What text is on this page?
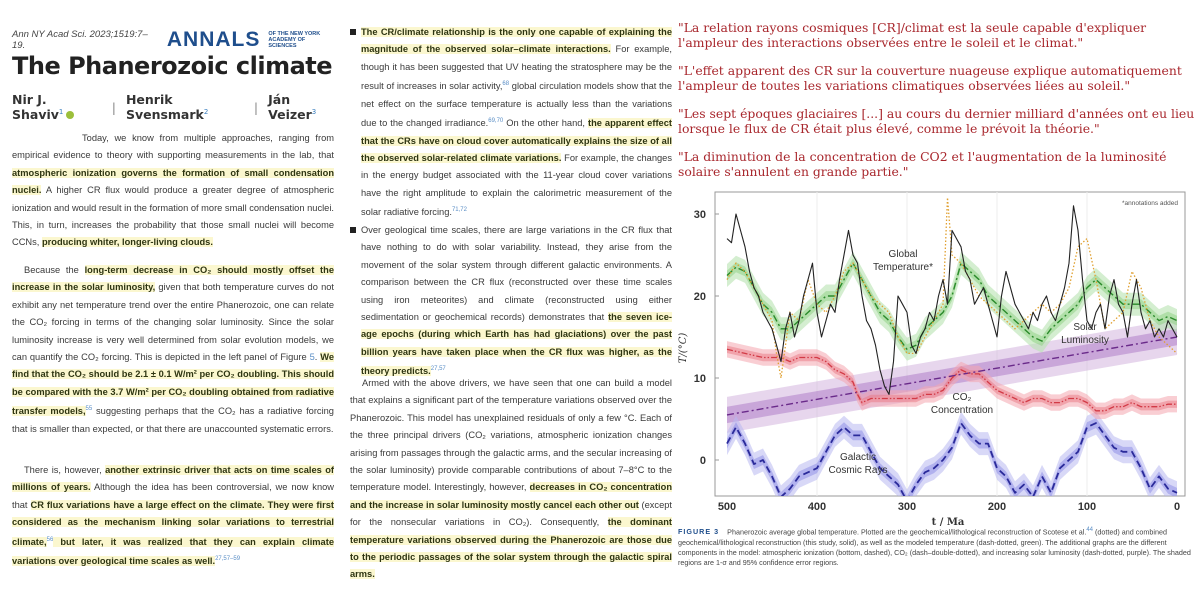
Ann NY Acad Sci. 2023;1519:7–19.	ANNALS OF THE NEW YORK
ACADEMY OF SCIENCES
The Phanerozoic climate
Nir J. Shaviv$^1$	| Henrik Svensmark$^2$	| Ján Veizer$^3$

Today, we know from multiple approaches, ranging from empirical evidence to theory with supporting measurements in the lab, that atmospheric ionization governs the formation of small condensation nuclei. A higher CR flux would produce a greater degree of atmospheric ionization and would result in the formation of more small condensation nuclei. This, in turn, increases the probability that those small nuclei will become CCNs, producing whiter, longer-living clouds.

Because the long-term decrease in CO₂ should mostly offset the increase in the solar luminosity, given that both temperature curves do not exhibit any net temperature trend over the entire Phanerozoic, one can relate the CO₂ forcing in terms of the changing solar luminosity. Since the solar luminosity increase is very well determined from solar evolution models, we can quantify the CO₂ forcing. This is depicted in the left panel of Figure 5. We find that the CO₂ should be 2.1 ± 0.1 W/m² per CO₂ doubling. This should be compared with the 3.7 W/m² per CO₂ doubling obtained from radiative transfer models,$^{55}$ suggesting perhaps that the CO₂ has a radiative forcing that is smaller than expected, or that there are unaccounted systematic errors.

There is, however, another extrinsic driver that acts on time scales of millions of years. Although the idea has been controversial, we now know that CR flux variations have a large effect on the climate. They were first considered as the mechanism linking solar variations to terrestrial climate,$^{56}$ but later, it was realized that they can explain climate variations over geological time scales as well.$^{27,57-59}$

The CR/climate relationship is the only one capable of explaining the magnitude of the observed solar–climate interactions. For example, though it has been suggested that UV heating the stratosphere may be the result of increases in solar activity,$^{68}$ global circulation models show that the net effect on the surface temperature is actually less than the variations due to the changed irradiance.$^{69,70}$ On the other hand, the apparent effect that the CRs have on cloud cover automatically explains the size of all the observed solar-related climate variations. For example, the changes in the energy budget associated with the 11-year cloud cover variations have the right amplitude to explain the calorimetric measurement of the solar radiative forcing.$^{71,72}$
Over geological time scales, there are large variations in the CR flux that have nothing to do with solar variability. Instead, they arise from the movement of the solar system through different galactic environments. A comparison between the CR flux (reconstructed over these time scales using iron meteorites) and climate (reconstructed using either sedimentation or geochemical records) demonstrates that the seven ice-age epochs (during which Earth has had glaciations) over the past billion years have taken place when the CR flux was higher, as the theory predicts.$^{27,57}$

Armed with the above drivers, we have seen that one can build a model that explains a significant part of the temperature variations observed over the Phanerozoic. This model has unexplained residuals of only a few °C. Each of the three principal drivers (CO₂ variations, atmospheric ionization changes arising from passages through the galactic arms, and the secular increasing of the solar luminosity) provide comparable contributions of about 7–8°C to the temperature model. Interestingly, however, decreases in CO₂ concentration and the increase in solar luminosity mostly cancel each other out (except for the nonsecular variations in CO₂). Consequently, the dominant temperature variations observed during the Phanerozoic are those due to the periodic passages of the solar system through the galactic spiral arms.

"La relation rayons cosmiques [CR]/climat est la seule capable d'expliquer l'ampleur des interactions observées entre le soleil et le climat."

"L'effet apparent des CR sur la couverture nuageuse explique automatiquement l'ampleur de toutes les variations climatiques observées liées au soleil."

"Les sept époques glaciaires [...] au cours du dernier milliard d'années ont eu lieu lorsque le flux de CR était plus élevé, comme le prévoit la théorie."

"La diminution de la concentration de CO2 et l'augmentation de la luminosité solaire s'annulent en grande partie."

0
10
20
30
T/(°C)
500	400	300	200	100	0
t / Ma
*annotations added
Global
Temperature*
Solar
Luminosity
CO₂
Concentration
Galactic
Cosmic Rays

FIGURE 3 Phanerozoic average global temperature. Plotted are the geochemical/lithological reconstruction of Scotese et al.$^{44}$ (dotted) and combined geochemical/lithological reconstruction (this study, solid), as well as the modeled temperature (dash-dotted, green). The additional graphs are the different components in the model: atmospheric ionization (bottom, dashed), CO₂ (dash–double-dotted), and increasing solar luminosity (dash-dotted, purple). The shaded regions are 1-σ and 95% confidence error regions.
